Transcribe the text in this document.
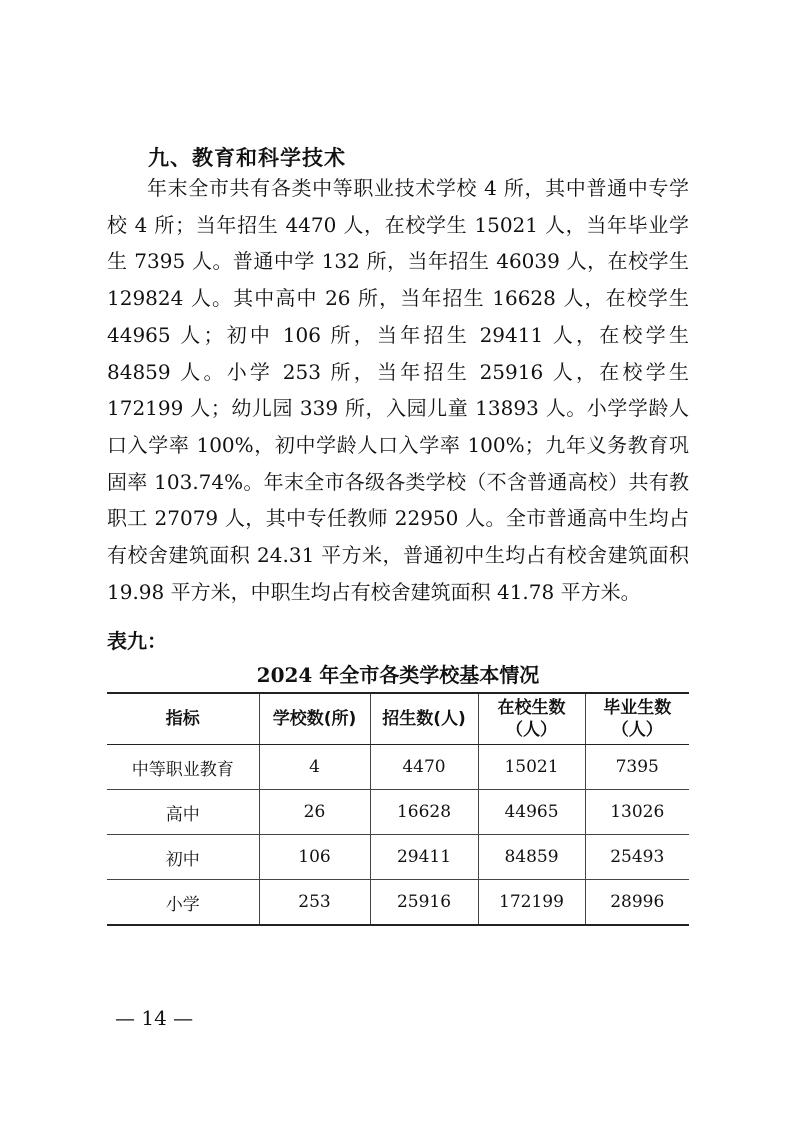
九、教育和科学技术

年末全市共有各类中等职业技术学校 4 所，其中普通中专学校 4 所；当年招生 4470 人，在校学生 15021 人，当年毕业学生 7395 人。普通中学 132 所，当年招生 46039 人，在校学生 129824 人。其中高中 26 所，当年招生 16628 人，在校学生 44965 人；初中 106 所，当年招生 29411 人，在校学生 84859 人。小学 253 所，当年招生 25916 人，在校学生 172199 人；幼儿园 339 所，入园儿童 13893 人。小学学龄人口入学率 100%，初中学龄人口入学率 100%；九年义务教育巩固率 103.74%。年末全市各级各类学校（不含普通高校）共有教职工 27079 人，其中专任教师 22950 人。全市普通高中生均占有校舍建筑面积 24.31 平方米，普通初中生均占有校舍建筑面积 19.98 平方米，中职生均占有校舍建筑面积 41.78 平方米。

表九：
2024 年全市各类学校基本情况
指标	学校数(所)	招生数(人)	在校生数（人）	毕业生数（人）
中等职业教育	4	4470	15021	7395
高中	26	16628	44965	13026
初中	106	29411	84859	25493
小学	253	25916	172199	28996
— 14 —
